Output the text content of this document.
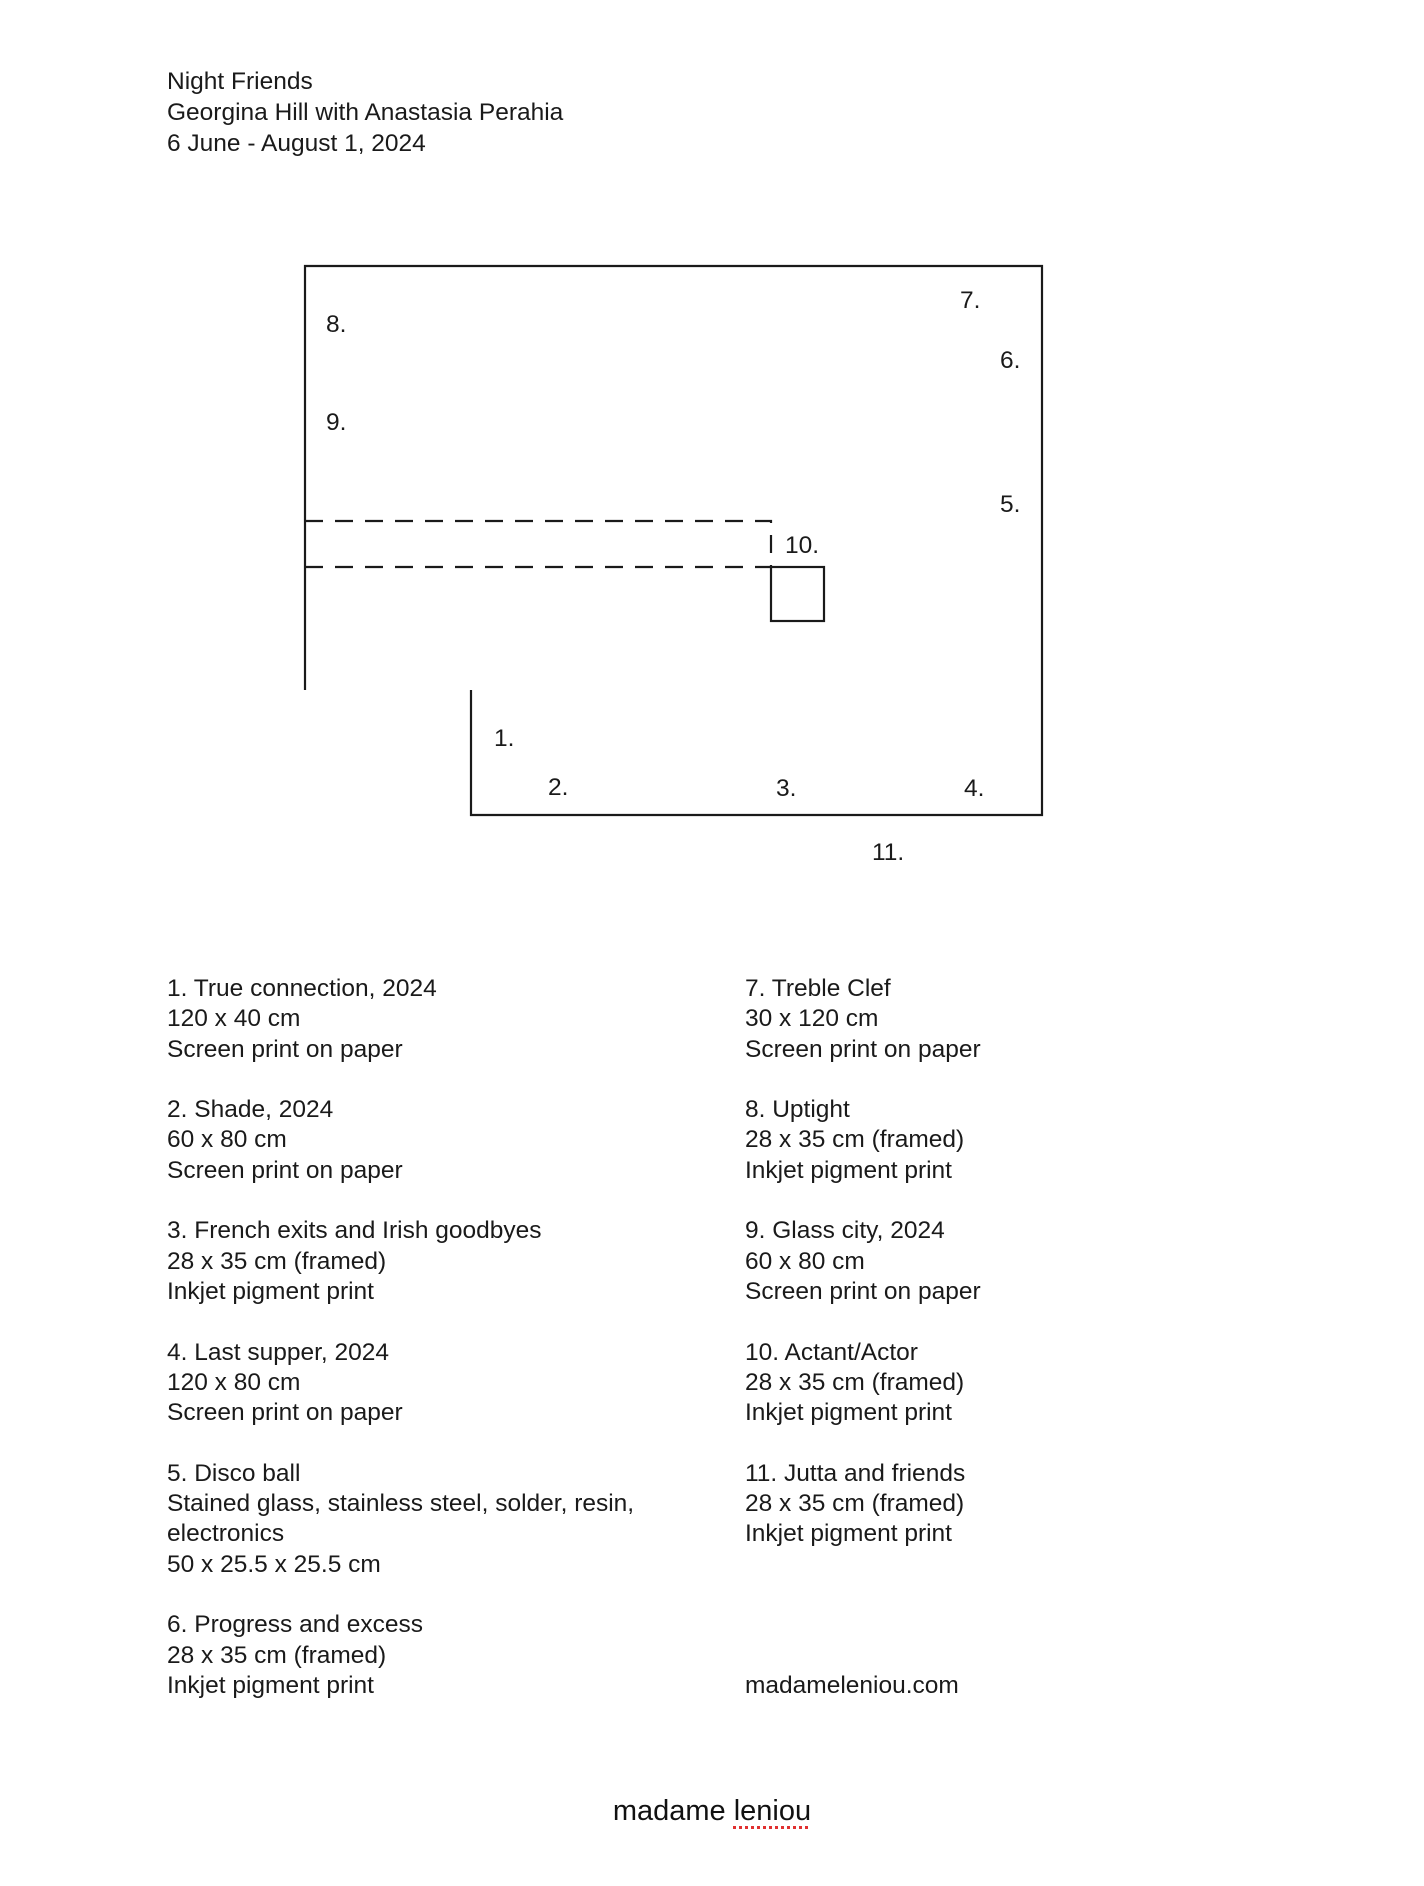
Night Friends
Georgina Hill with Anastasia Perahia
6 June - August 1, 2024
1.
2.	3.	4.
5.
6.
7.
8.
9.
10.
11.
1. True connection, 2024
120 x 40 cm
Screen print on paper
2. Shade, 2024
60 x 80 cm
Screen print on paper
3. French exits and Irish goodbyes
28 x 35 cm (framed)
Inkjet pigment print
4. Last supper, 2024
120 x 80 cm
Screen print on paper
5. Disco ball
Stained glass, stainless steel, solder, resin, electronics
50 x 25.5 x 25.5 cm
6. Progress and excess
28 x 35 cm (framed)
Inkjet pigment print
7. Treble Clef
30 x 120 cm
Screen print on paper
8. Uptight
28 x 35 cm (framed)
Inkjet pigment print
9. Glass city, 2024
60 x 80 cm
Screen print on paper
10. Actant/Actor
28 x 35 cm (framed)
Inkjet pigment print
11. Jutta and friends
28 x 35 cm (framed)
Inkjet pigment print
madameleniou.com
madame leniou
